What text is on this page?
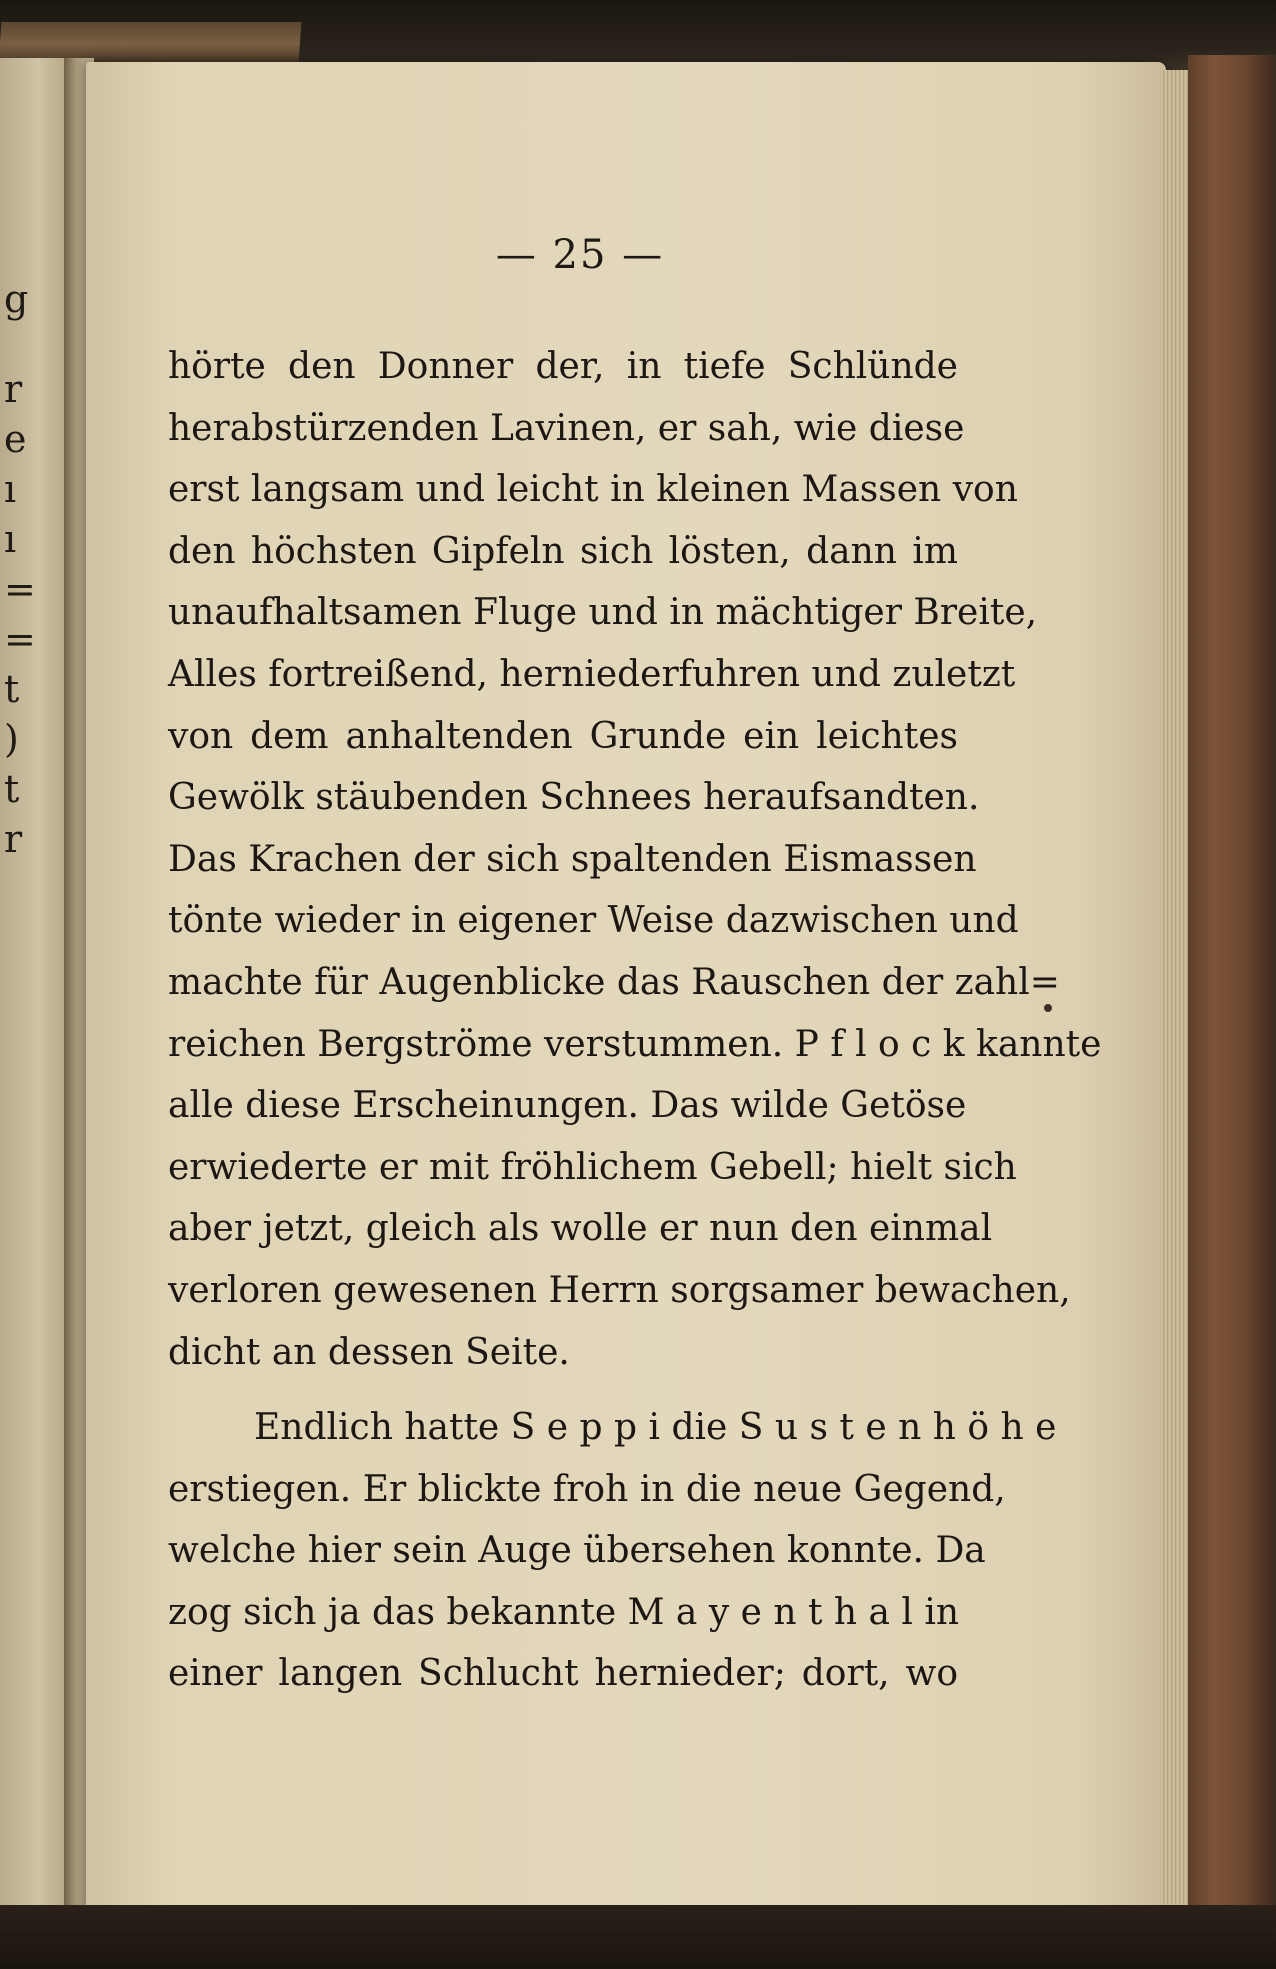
g
r
e
ı
ı
=
=
t
)
t
r
— 25 —
hörte den Donner der, in tiefe Schlünde
herabstürzenden Lavinen, er sah, wie diese
erst langsam und leicht in kleinen Massen von
den höchsten Gipfeln sich lösten, dann im
unaufhaltsamen Fluge und in mächtiger Breite,
Alles fortreißend, herniederfuhren und zuletzt
von dem anhaltenden Grunde ein leichtes
Gewölk stäubenden Schnees heraufsandten.
Das Krachen der sich spaltenden Eismassen
tönte wieder in eigener Weise dazwischen und
machte für Augenblicke das Rauschen der zahl=
reichen Bergströme verstummen. P f l o c k kannte
alle diese Erscheinungen. Das wilde Getöse
erwiederte er mit fröhlichem Gebell; hielt sich
aber jetzt, gleich als wolle er nun den einmal
verloren gewesenen Herrn sorgsamer bewachen,
dicht an dessen Seite.
Endlich hatte S e p p i die S u s t e n h ö h e
erstiegen. Er blickte froh in die neue Gegend,
welche hier sein Auge übersehen konnte. Da
zog sich ja das bekannte M a y e n t h a l in
einer langen Schlucht hernieder; dort, wo
